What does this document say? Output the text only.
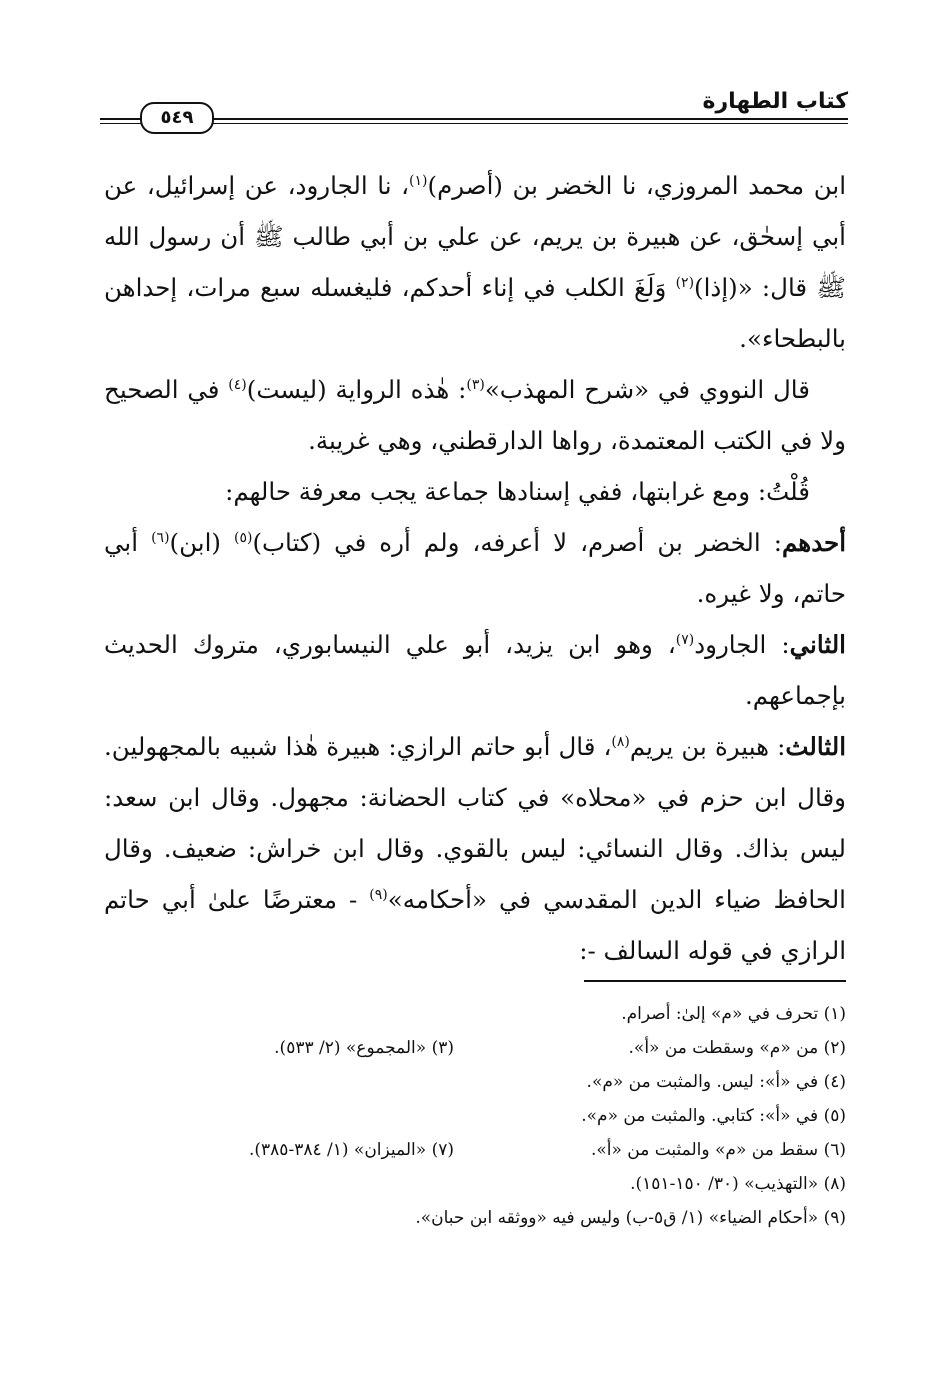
كتاب الطهارة
٥٤٩

ابن محمد المروزي، نا الخضر بن (أصرم)$^{(١)}$، نا الجارود، عن إسرائيل، عن أبي إسحٰق، عن هبيرة بن يريم، عن علي بن أبي طالب ﷺ أن رسول الله ﷺ قال: «(إذا)$^{(٢)}$ وَلَغَ الكلب في إناء أحدكم، فليغسله سبع مرات، إحداهن بالبطحاء».

قال النووي في «شرح المهذب»$^{(٣)}$: هٰذه الرواية (ليست)$^{(٤)}$ في الصحيح ولا في الكتب المعتمدة، رواها الدارقطني، وهي غريبة.

قُلْتُ: ومع غرابتها، ففي إسنادها جماعة يجب معرفة حالهم:

أحدهم: الخضر بن أصرم، لا أعرفه، ولم أره في (كتاب)$^{(٥)}$ (ابن)$^{(٦)}$ أبي حاتم، ولا غيره.

الثاني: الجارود$^{(٧)}$، وهو ابن يزيد، أبو علي النيسابوري، متروك الحديث بإجماعهم.

الثالث: هبيرة بن يريم$^{(٨)}$، قال أبو حاتم الرازي: هبيرة هٰذا شبيه بالمجهولين. وقال ابن حزم في «محلاه» في كتاب الحضانة: مجهول. وقال ابن سعد: ليس بذاك. وقال النسائي: ليس بالقوي. وقال ابن خراش: ضعيف. وقال الحافظ ضياء الدين المقدسي في «أحكامه»$^{(٩)}$ - معترضًا علىٰ أبي حاتم الرازي في قوله السالف -:

(١) تحرف في «م» إلىٰ: أصرام.
(٢) من «م» وسقطت من «أ».
(٣) «المجموع» (٢/ ٥٣٣).
(٤) في «أ»: ليس. والمثبت من «م».
(٥) في «أ»: كتابي. والمثبت من «م».
(٦) سقط من «م» والمثبت من «أ».
(٧) «الميزان» (١/ ٣٨٤-٣٨٥).
(٨) «التهذيب» (٣٠/ ١٥٠-١٥١).
(٩) «أحكام الضياء» (١/ ق٥-ب) وليس فيه «ووثقه ابن حبان».
